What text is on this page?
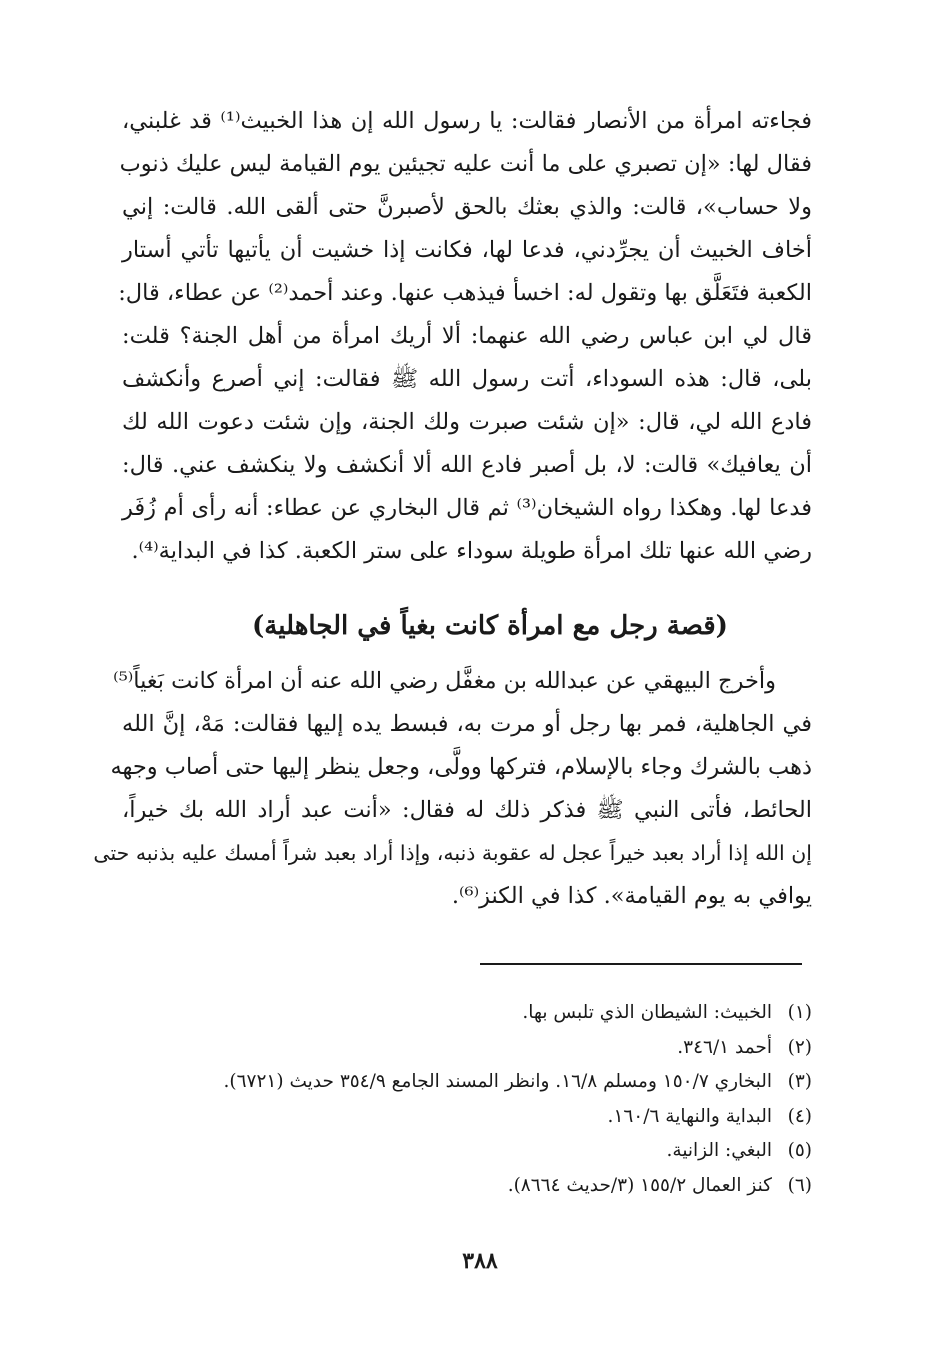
فجاءته امرأة من الأنصار فقالت: يا رسول الله إن هذا الخبيث⁽¹⁾ قد غلبني،
فقال لها: «إن تصبري على ما أنت عليه تجيئين يوم القيامة ليس عليك ذنوب
ولا حساب»، قالت: والذي بعثك بالحق لأصبرنَّ حتى ألقى الله. قالت: إني
أخاف الخبيث أن يجرِّدني، فدعا لها، فكانت إذا خشيت أن يأتيها تأتي أستار
الكعبة فتَعَلَّق بها وتقول له: اخسأ فيذهب عنها. وعند أحمد⁽²⁾ عن عطاء، قال:
قال لي ابن عباس رضي الله عنهما: ألا أريك امرأة من أهل الجنة؟ قلت:
بلى، قال: هذه السوداء، أتت رسول الله ﷺ فقالت: إني أصرع وأنكشف
فادع الله لي، قال: «إن شئت صبرت ولك الجنة، وإن شئت دعوت الله لك
أن يعافيك» قالت: لا، بل أصبر فادع الله ألا أنكشف ولا ينكشف عني. قال:
فدعا لها. وهكذا رواه الشيخان⁽³⁾ ثم قال البخاري عن عطاء: أنه رأى أم زُفَر
رضي الله عنها تلك امرأة طويلة سوداء على ستر الكعبة. كذا في البداية⁽⁴⁾.
(قصة رجل مع امرأة كانت بغياً في الجاهلية)
وأخرج البيهقي عن عبدالله بن مغفَّل رضي الله عنه أن امرأة كانت بَغياً⁽⁵⁾
في الجاهلية، فمر بها رجل أو مرت به، فبسط يده إليها فقالت: مَهْ، إنَّ الله
ذهب بالشرك وجاء بالإسلام، فتركها وولَّى، وجعل ينظر إليها حتى أصاب وجهه
الحائط، فأتى النبي ﷺ فذكر ذلك له فقال: «أنت عبد أراد الله بك خيراً،
إن الله إذا أراد بعبد خيراً عجل له عقوبة ذنبه، وإذا أراد بعبد شراً أمسك عليه بذنبه حتى
يوافي به يوم القيامة». كذا في الكنز⁽⁶⁾.
(١)
الخبيث: الشيطان الذي تلبس بها.
(٢)
أحمد ٣٤٦/١.
(٣)
البخاري ١٥٠/٧ ومسلم ١٦/٨. وانظر المسند الجامع ٣٥٤/٩ حديث (٦٧٢١).
(٤)
البداية والنهاية ١٦٠/٦.
(٥)
البغي: الزانية.
(٦)
كنز العمال ١٥٥/٢ (٣/حديث ٨٦٦٤).
٣٨٨
